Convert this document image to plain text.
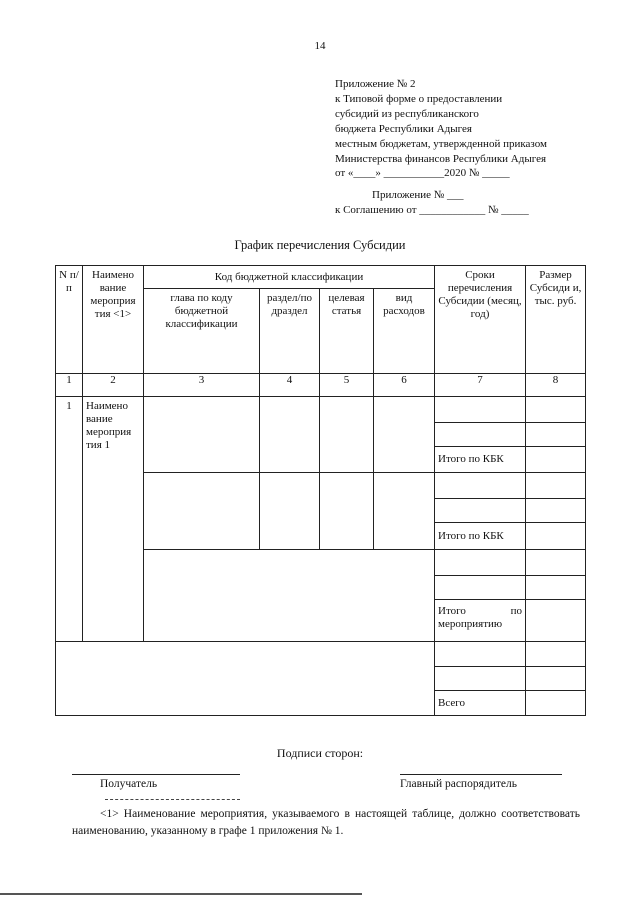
14
Приложение № 2
к Типовой форме о предоставлении
субсидий из республиканского
бюджета Республики Адыгея
местным бюджетам, утвержденной приказом
Министерства финансов Республики Адыгея
от «____» ___________2020 № _____
Приложение № ___
к Соглашению от ____________ № _____
График перечисления Субсидии
N п/п	Наимено вание мероприя тия <1>	Код бюджетной классификации				Сроки перечисления Субсидии (месяц, год)	Размер Субсиди и, тыс. руб.
		глава по коду бюджетной классификации	раздел/по драздел	целевая статья	вид расходов		
1	2	3	4	5	6	7	8
1	Наимено вание мероприя тия 1						

						Итого по КБК	

						Итого по КБК	

						Итого по
мероприятию	

						Всего	
Подписи сторон:
Получатель	Главный распорядитель
<1> Наименование мероприятия, указываемого в настоящей таблице, должно соответствовать наименованию, указанному в графе 1 приложения № 1.
